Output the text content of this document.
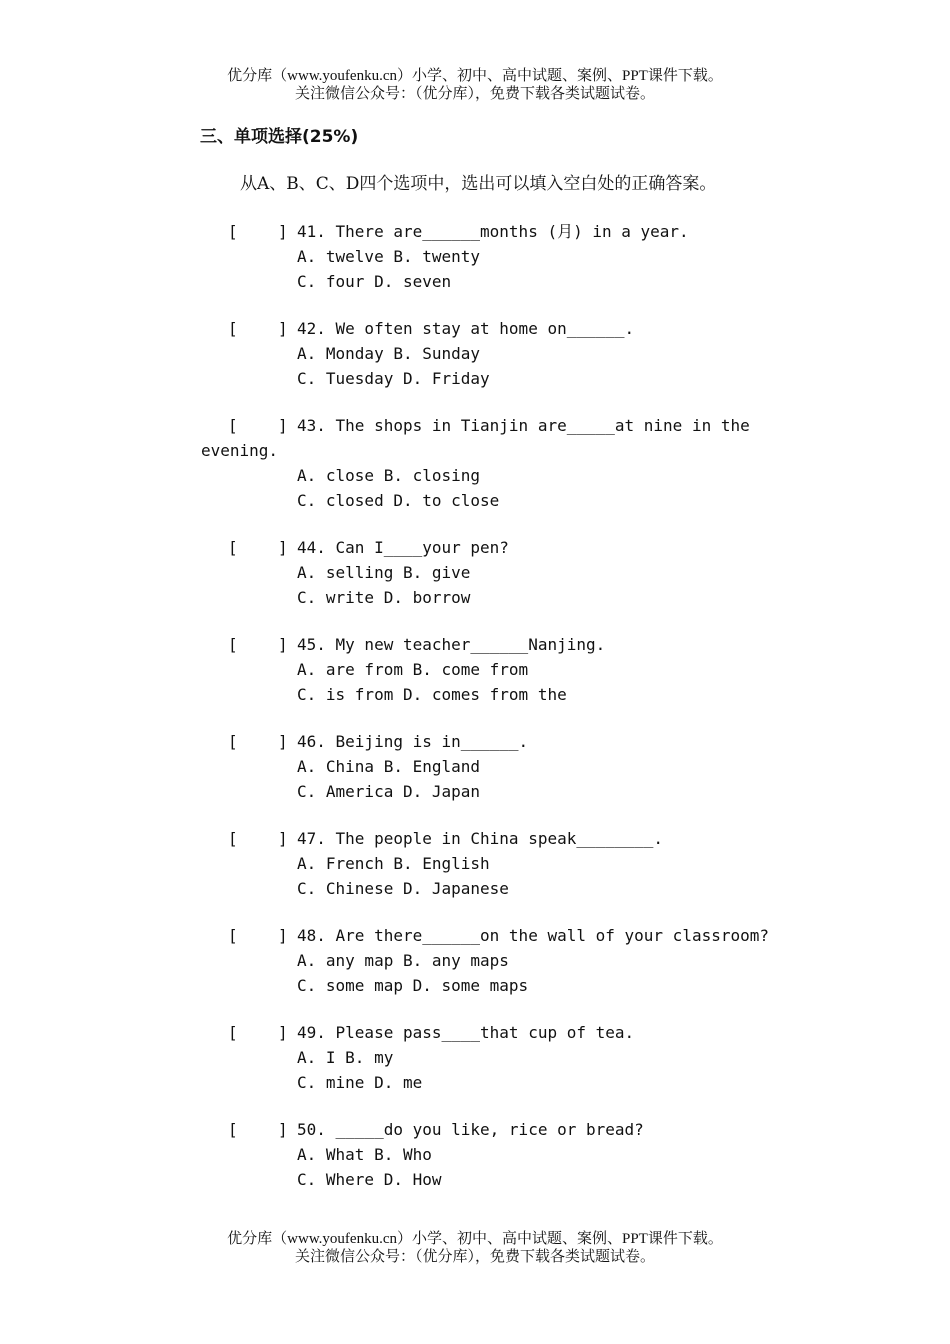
优分库（www.youfenku.cn）小学、初中、高中试题、案例、PPT课件下载。
关注微信公众号：（优分库），免费下载各类试题试卷。
三、单项选择(25%)
从A、B、C、D四个选项中，选出可以填入空白处的正确答案。

[

	]

41. There are______months (月) in a year.

A. twelve B. twenty
C. four D. seven

[

	]

42. We often stay at home on______.

A. Monday B. Sunday
C. Tuesday D. Friday

[

	]

43. The shops in Tianjin are_____at nine in the

evening.
A. close B. closing
C. closed D. to close

[

	]

44. Can I____your pen?

A. selling B. give
C. write D. borrow

[

	]

45. My new teacher______Nanjing.

A. are from B. come from
C. is from D. comes from the

[

	]

46. Beijing is in______.

A. China B. England
C. America D. Japan

[

	]

47. The people in China speak________.

A. French B. English
C. Chinese D. Japanese

[

	]

48. Are there______on the wall of your classroom?

A. any map B. any maps
C. some map D. some maps

[

	]

49. Please pass____that cup of tea.

A. I B. my
C. mine D. me

[

	]

50. _____do you like, rice or bread?

A. What B. Who
C. Where D. How
优分库（www.youfenku.cn）小学、初中、高中试题、案例、PPT课件下载。
关注微信公众号：（优分库），免费下载各类试题试卷。
